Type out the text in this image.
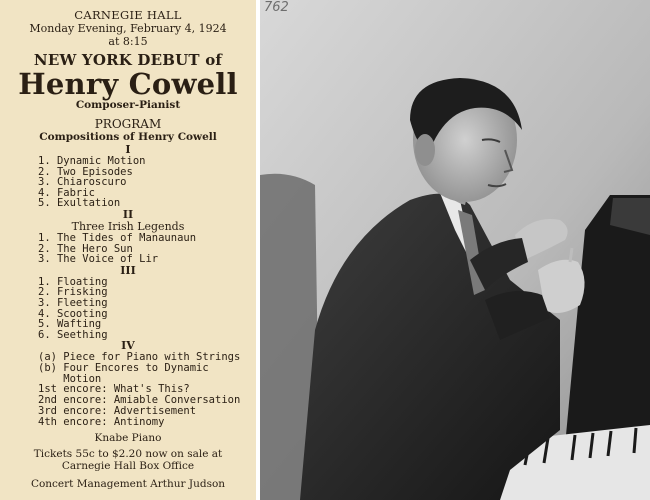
CARNEGIE HALL
Monday Evening, February 4, 1924
at 8:15
NEW YORK DEBUT of
Henry Cowell
Composer-Pianist
PROGRAM
Compositions of Henry Cowell
I
1. Dynamic Motion
2. Two Episodes
3. Chiaroscuro
4. Fabric
5. Exultation
II
Three Irish Legends
1. The Tides of Manaunaun
2. The Hero Sun
3. The Voice of Lir
III
1. Floating
2. Frisking
3. Fleeting
4. Scooting
5. Wafting
6. Seething
IV
(a) Piece for Piano with Strings
(b) Four Encores to Dynamic
Motion
1st encore: What's This?
2nd encore: Amiable Conversation
3rd encore: Advertisement
4th encore: Antinomy
Knabe Piano
Tickets 55c to $2.20 now on sale at
Carnegie Hall Box Office
Concert Management Arthur Judson
762
